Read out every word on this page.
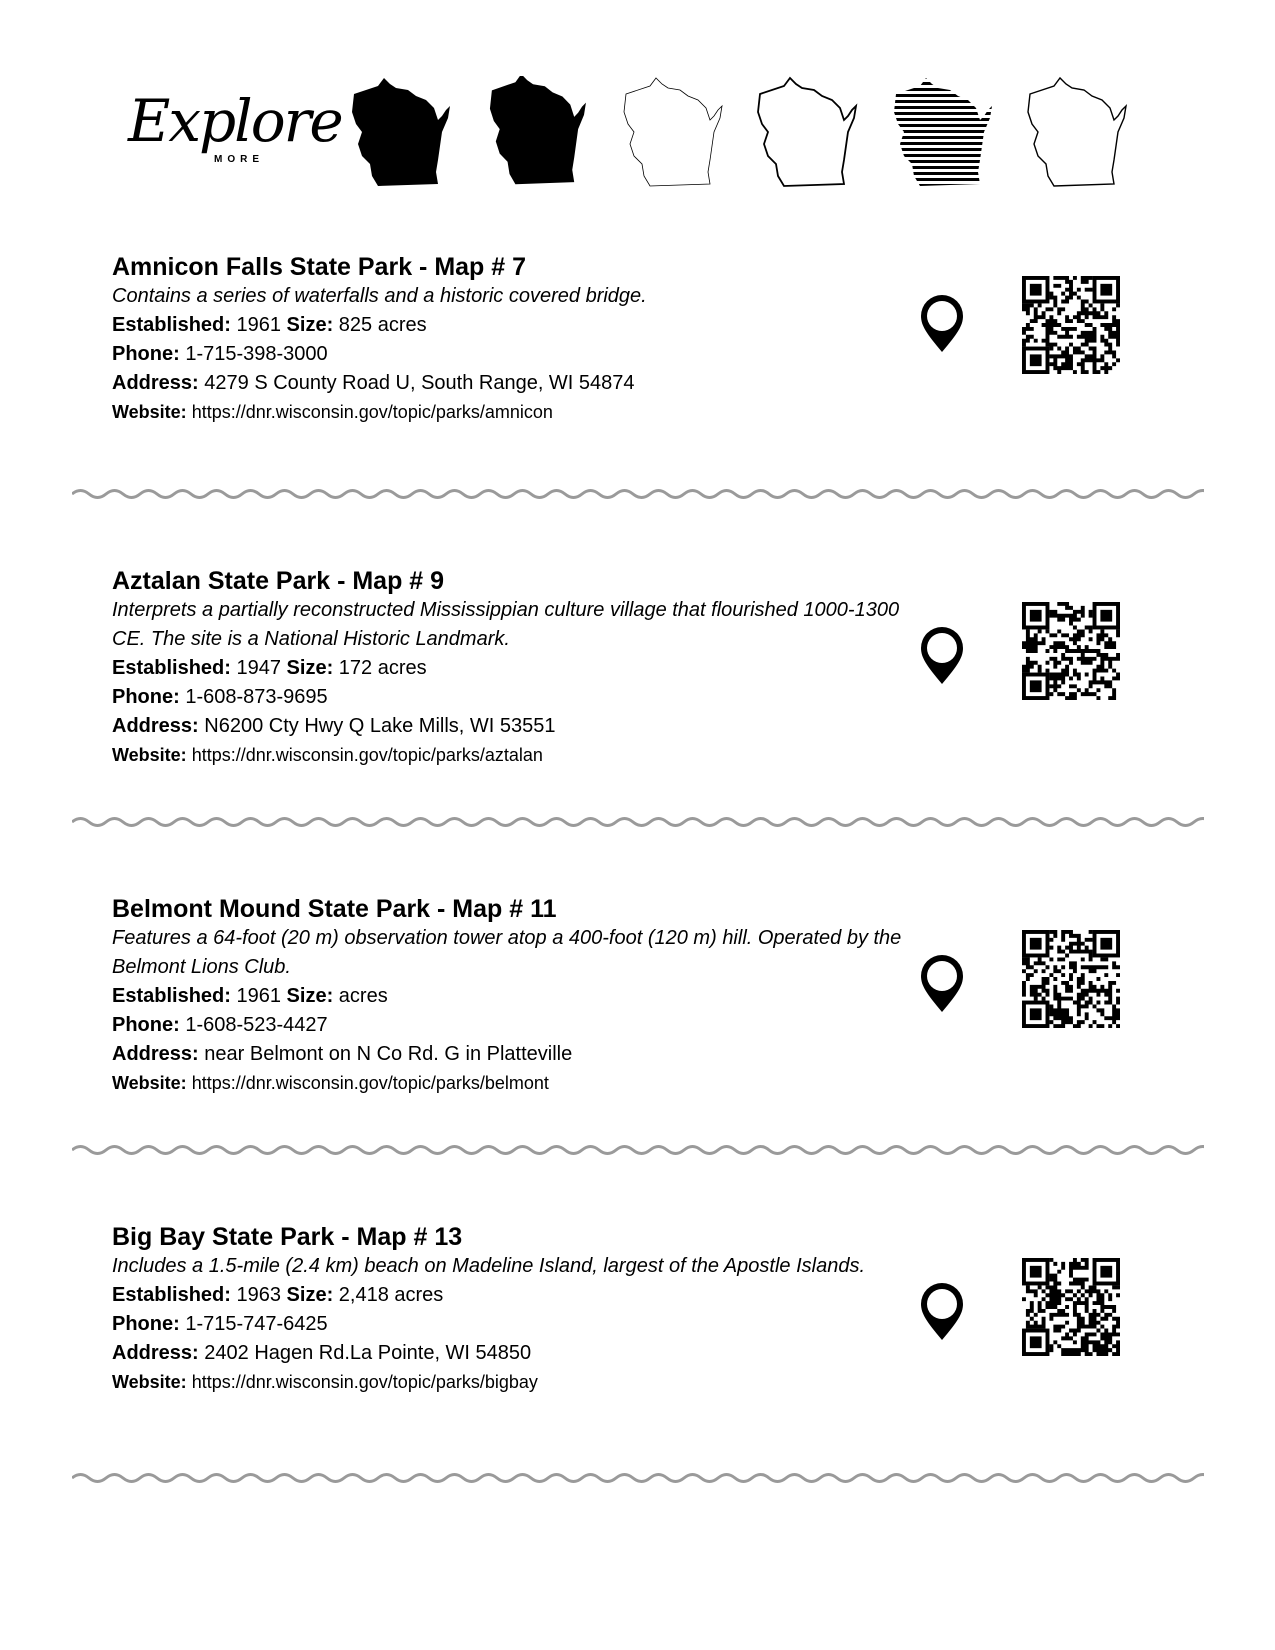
Explore
MORE
Amnicon Falls State Park - Map # 7
Contains a series of waterfalls and a historic covered bridge.
Established: 1961 Size: 825 acres
Phone: 1-715-398-3000
Address: 4279 S County Road U, South Range, WI 54874
Website: https://dnr.wisconsin.gov/topic/parks/amnicon
Aztalan State Park - Map # 9
Interprets a partially reconstructed Mississippian culture village that flourished 1000-1300 CE. The site is a National Historic Landmark.
Established: 1947 Size: 172 acres
Phone: 1-608-873-9695
Address: N6200 Cty Hwy Q Lake Mills, WI 53551
Website: https://dnr.wisconsin.gov/topic/parks/aztalan
Belmont Mound State Park - Map # 11
Features a 64-foot (20 m) observation tower atop a 400-foot (120 m) hill. Operated by the Belmont Lions Club.
Established: 1961 Size: acres
Phone: 1-608-523-4427
Address: near Belmont on N Co Rd. G in Platteville
Website: https://dnr.wisconsin.gov/topic/parks/belmont
Big Bay State Park - Map # 13
Includes a 1.5-mile (2.4 km) beach on Madeline Island, largest of the Apostle Islands.
Established: 1963 Size: 2,418 acres
Phone: 1-715-747-6425
Address: 2402 Hagen Rd.La Pointe, WI 54850
Website: https://dnr.wisconsin.gov/topic/parks/bigbay
